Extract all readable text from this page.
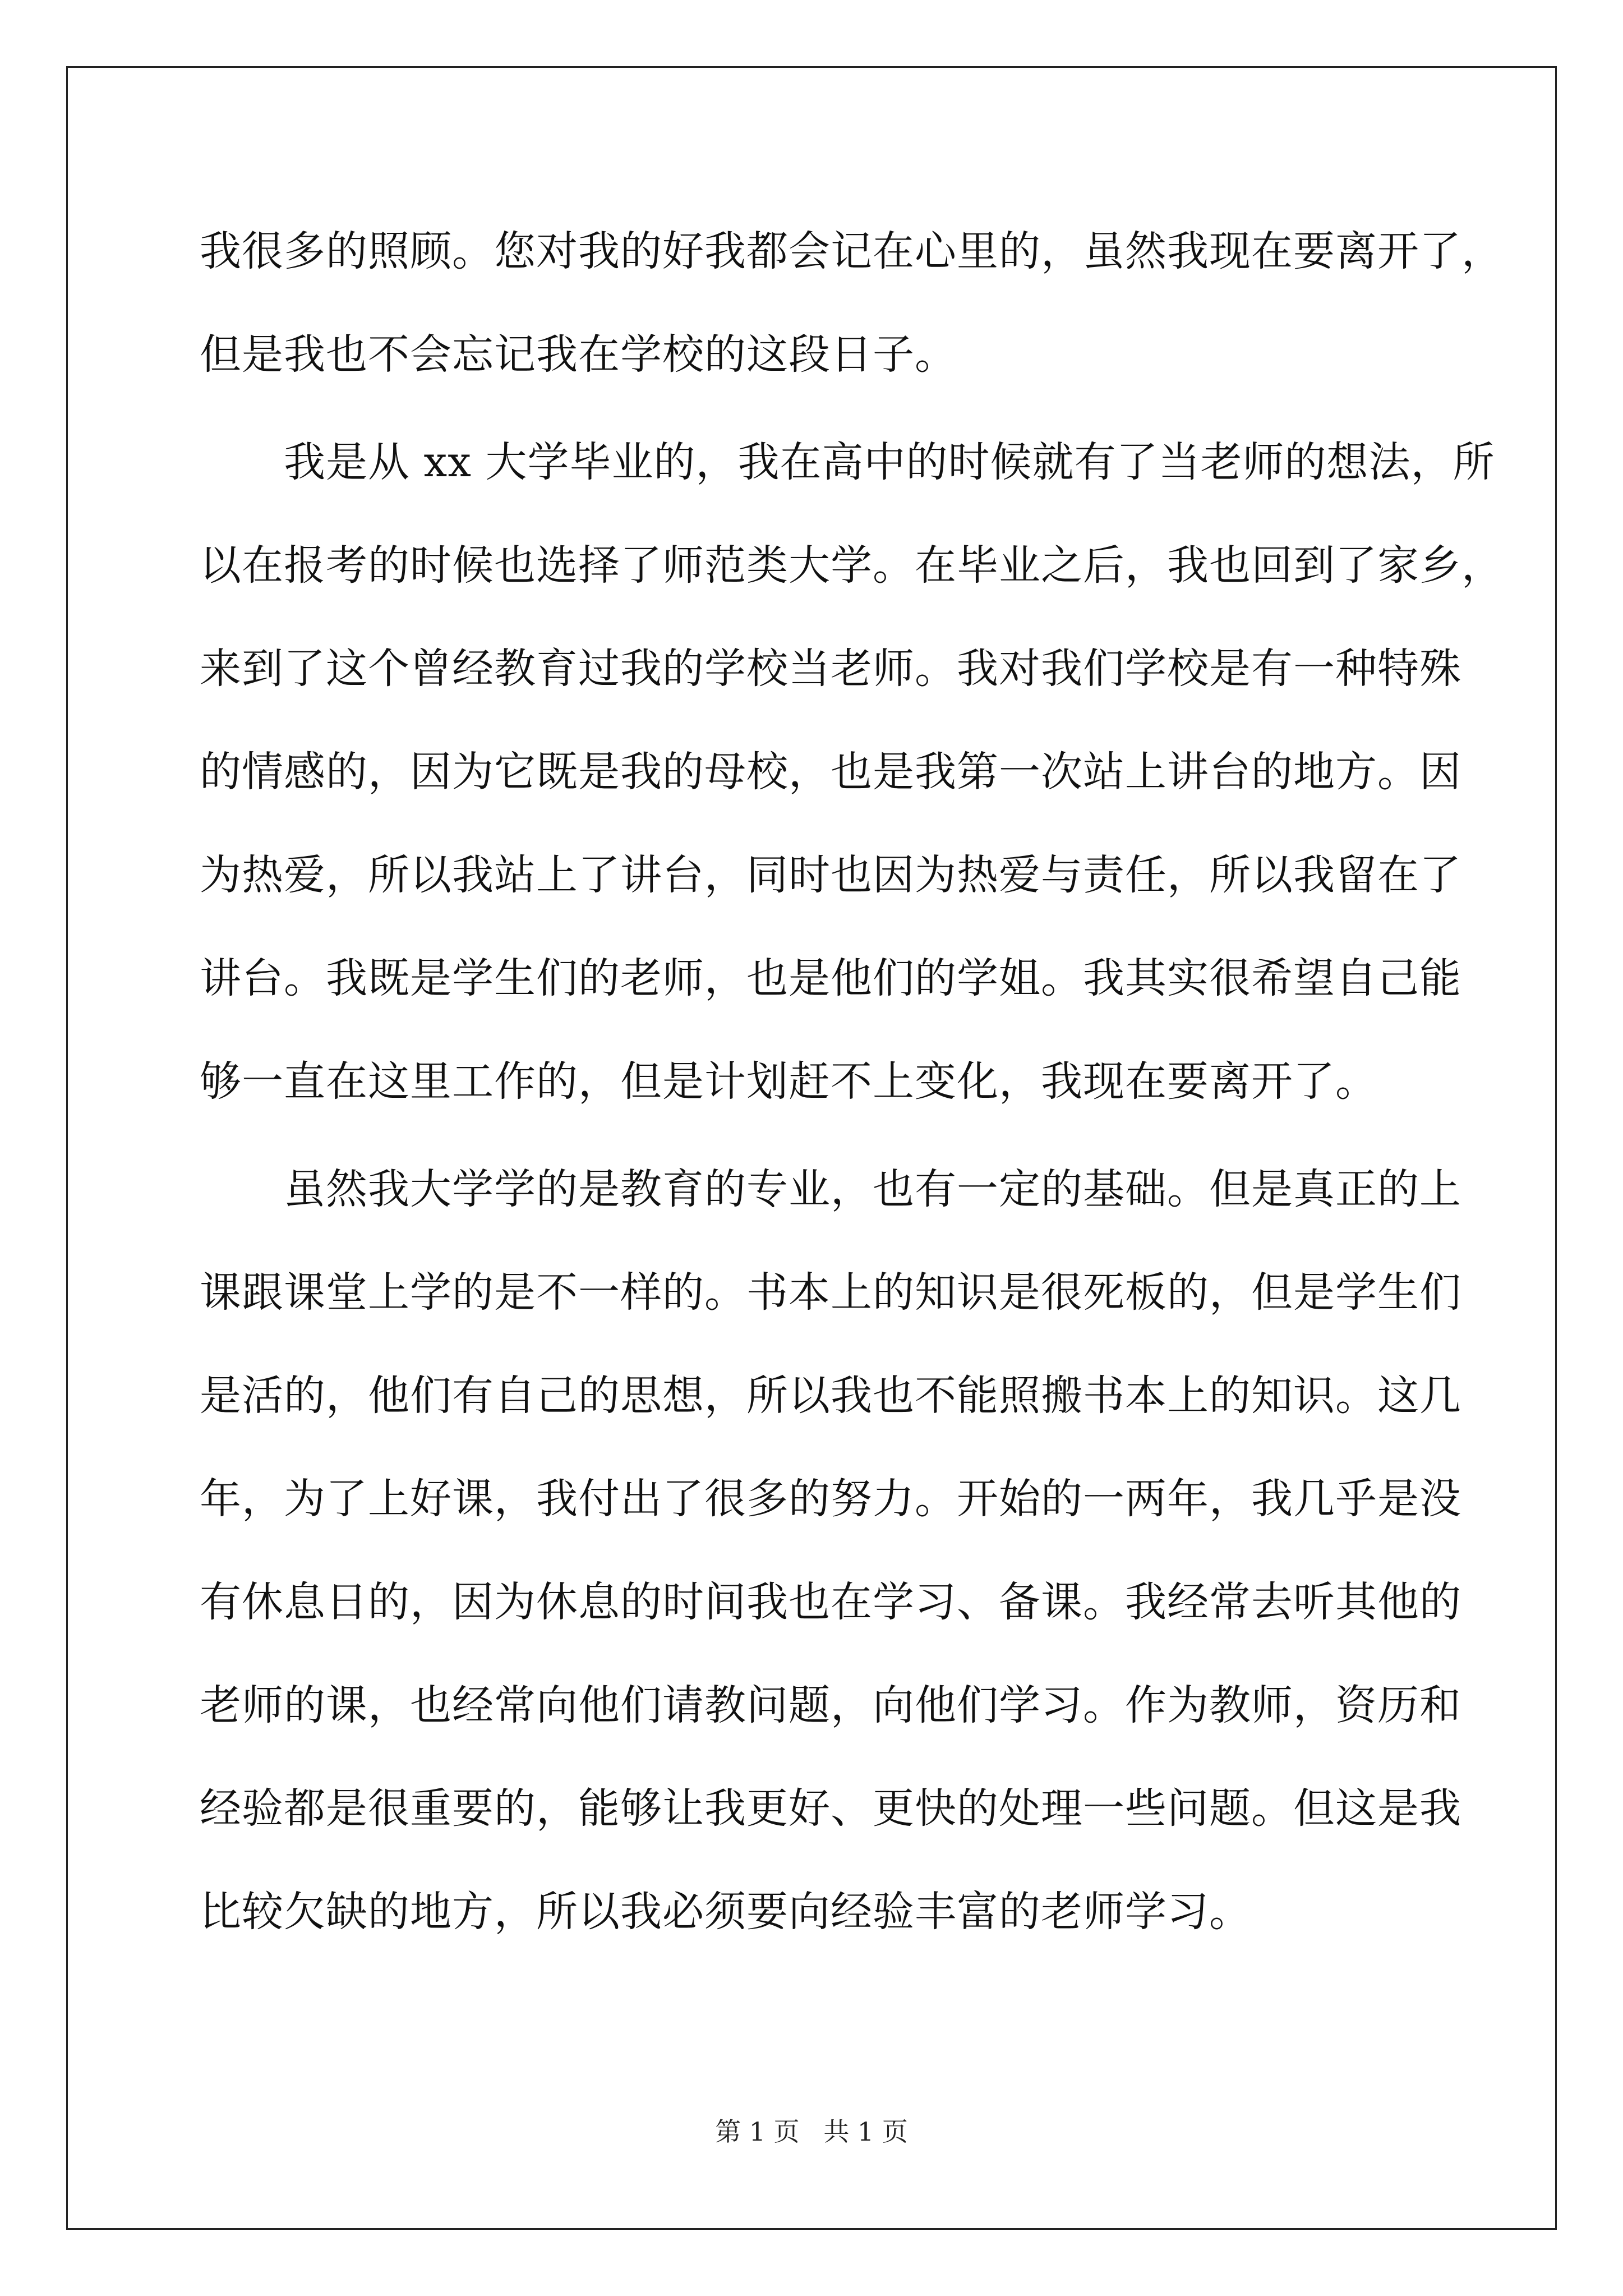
我很多的照顾。您对我的好我都会记在心里的，虽然我现在要离开了，
但是我也不会忘记我在学校的这段日子。
我是从 xx 大学毕业的，我在高中的时候就有了当老师的想法，所
以在报考的时候也选择了师范类大学。在毕业之后，我也回到了家乡，
来到了这个曾经教育过我的学校当老师。我对我们学校是有一种特殊
的情感的，因为它既是我的母校，也是我第一次站上讲台的地方。因
为热爱，所以我站上了讲台，同时也因为热爱与责任，所以我留在了
讲台。我既是学生们的老师，也是他们的学姐。我其实很希望自己能
够一直在这里工作的，但是计划赶不上变化，我现在要离开了。
虽然我大学学的是教育的专业，也有一定的基础。但是真正的上
课跟课堂上学的是不一样的。书本上的知识是很死板的，但是学生们
是活的，他们有自己的思想，所以我也不能照搬书本上的知识。这几
年，为了上好课，我付出了很多的努力。开始的一两年，我几乎是没
有休息日的，因为休息的时间我也在学习、备课。我经常去听其他的
老师的课，也经常向他们请教问题，向他们学习。作为教师，资历和
经验都是很重要的，能够让我更好、更快的处理一些问题。但这是我
比较欠缺的地方，所以我必须要向经验丰富的老师学习。
第 1 页 共 1 页
